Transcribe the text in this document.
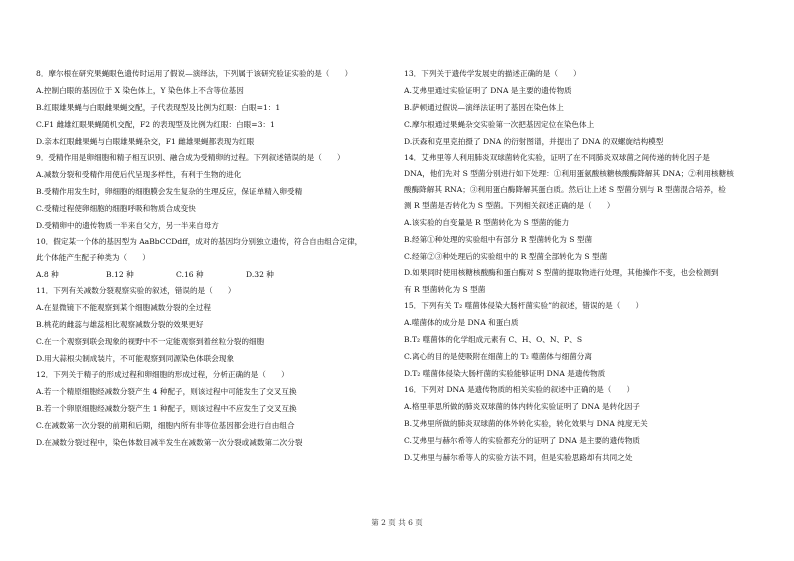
8．摩尔根在研究果蝇眼色遗传时运用了假说—演绎法，下列属于该研究验证实验的是（　　）
A.控制白眼的基因位于 X 染色体上，Y 染色体上不含等位基因
B.红眼雄果蝇与白眼雌果蝇交配，子代表现型及比例为红眼：白眼=1：1
C.F1 雌雄红眼果蝇随机交配，F2 的表现型及比例为红眼：白眼=3：1
D.亲本红眼雌果蝇与白眼雄果蝇杂交，F1 雌雄果蝇都表现为红眼
9．受精作用是卵细胞和精子相互识别、融合成为受精卵的过程。下列叙述错误的是（　　）
A.减数分裂和受精作用使后代呈现多样性，有利于生物的进化
B.受精作用发生时，卵细胞的细胞膜会发生复杂的生理反应，保证单精入卵受精
C.受精过程使卵细胞的细胞呼吸和物质合成变快
D.受精卵中的遗传物质一半来自父方，另一半来自母方
10．假定某一个体的基因型为 AaBbCCDdff，成对的基因均分别独立遗传，符合自由组合定律，
此个体能产生配子种类为（　　）
A.8 种	B.12 种	C.16 种	D.32 种
11．下列有关减数分裂观察实验的叙述，错误的是（　　）
A.在显微镜下不能观察到某个细胞减数分裂的全过程
B.桃花的雌蕊与雄蕊相比观察减数分裂的效果更好
C.在一个观察到联会现象的视野中不一定能观察到着丝粒分裂的细胞
D.用大蒜根尖制成装片，不可能观察到同源染色体联会现象
12．下列关于精子的形成过程和卵细胞的形成过程，分析正确的是（　　）
A.若一个精原细胞经减数分裂产生 4 种配子，则该过程中可能发生了交叉互换
B.若一个卵原细胞经减数分裂产生 1 种配子，则该过程中不应发生了交叉互换
C.在减数第一次分裂的前期和后期，细胞内所有非等位基因都会进行自由组合
D.在减数分裂过程中，染色体数目减半发生在减数第一次分裂或减数第二次分裂
13．下列关于遗传学发展史的描述正确的是（　　）
A.艾弗里通过实验证明了 DNA 是主要的遗传物质
B.萨顿通过假说—演绎法证明了基因在染色体上
C.摩尔根通过果蝇杂交实验第一次把基因定位在染色体上
D.沃森和克里克拍摄了 DNA 的衍射图谱，并提出了 DNA 的双螺旋结构模型
14．艾弗里等人利用肺炎双球菌转化实验，证明了在不同肺炎双球菌之间传递的转化因子是
DNA，他们先对 S 型菌分别进行如下处理：①利用蛋氨酸核糖核酸酶降解其 DNA；②利用核糖核
酸酶降解其 RNA；③利用蛋白酶降解其蛋白质。然后让上述 S 型菌分别与 R 型菌混合培养，检
测 R 型菌是否转化为 S 型菌。下列相关叙述正确的是（　　）
A.该实验的自变量是 R 型菌转化为 S 型菌的能力
B.经第①种处理的实验组中有部分 R 型菌转化为 S 型菌
C.经第②③种处理后的实验组中的 R 型菌全部转化为 S 型菌
D.如果同时使用核糖核酸酶和蛋白酶对 S 型菌的提取物进行处理，其他操作不变，也会检测到
有 R 型菌转化为 S 型菌
15．下列有关 T₂ 噬菌体侵染大肠杆菌实验”的叙述，错误的是（　　）
A.噬菌体的成分是 DNA 和蛋白质
B.T₂ 噬菌体的化学组成元素有 C、H、O、N、P、S
C.离心的目的是使吸附在细菌上的 T₂ 噬菌体与细菌分离
D.T₂ 噬菌体侵染大肠杆菌的实验能够证明 DNA 是遗传物质
16．下列对 DNA 是遗传物质的相关实验的叙述中正确的是（　　）
A.格里菲思所做的肺炎双球菌的体内转化实验证明了 DNA 是转化因子
B.艾弗里所做的肺炎双球菌的体外转化实验，转化效果与 DNA 纯度无关
C.艾弗里与赫尔希等人的实验都充分的证明了 DNA 是主要的遗传物质
D.艾弗里与赫尔希等人的实验方法不同，但是实验思路却有共同之处
第 2 页 共 6 页
